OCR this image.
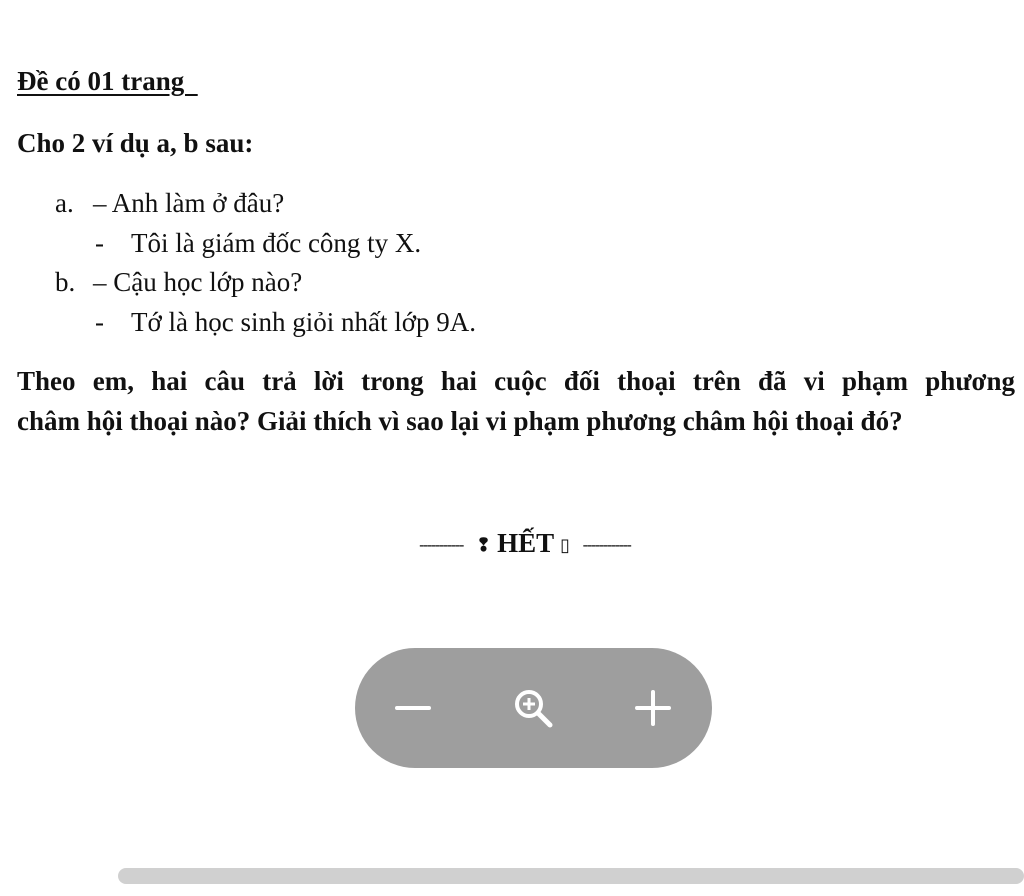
Đề có 01 trang
Cho 2 ví dụ a, b sau:
a. – Anh làm ở đâu?
- Tôi là giám đốc công ty X.
b. – Cậu học lớp nào?
- Tớ là học sinh giỏi nhất lớp 9A.
Theo em, hai câu trả lời trong hai cuộc đối thoại trên đã vi phạm phương
châm hội thoại nào? Giải thích vì sao lại vi phạm phương châm hội thoại đó?
----------- ❢ HẾT ▯ ------------
